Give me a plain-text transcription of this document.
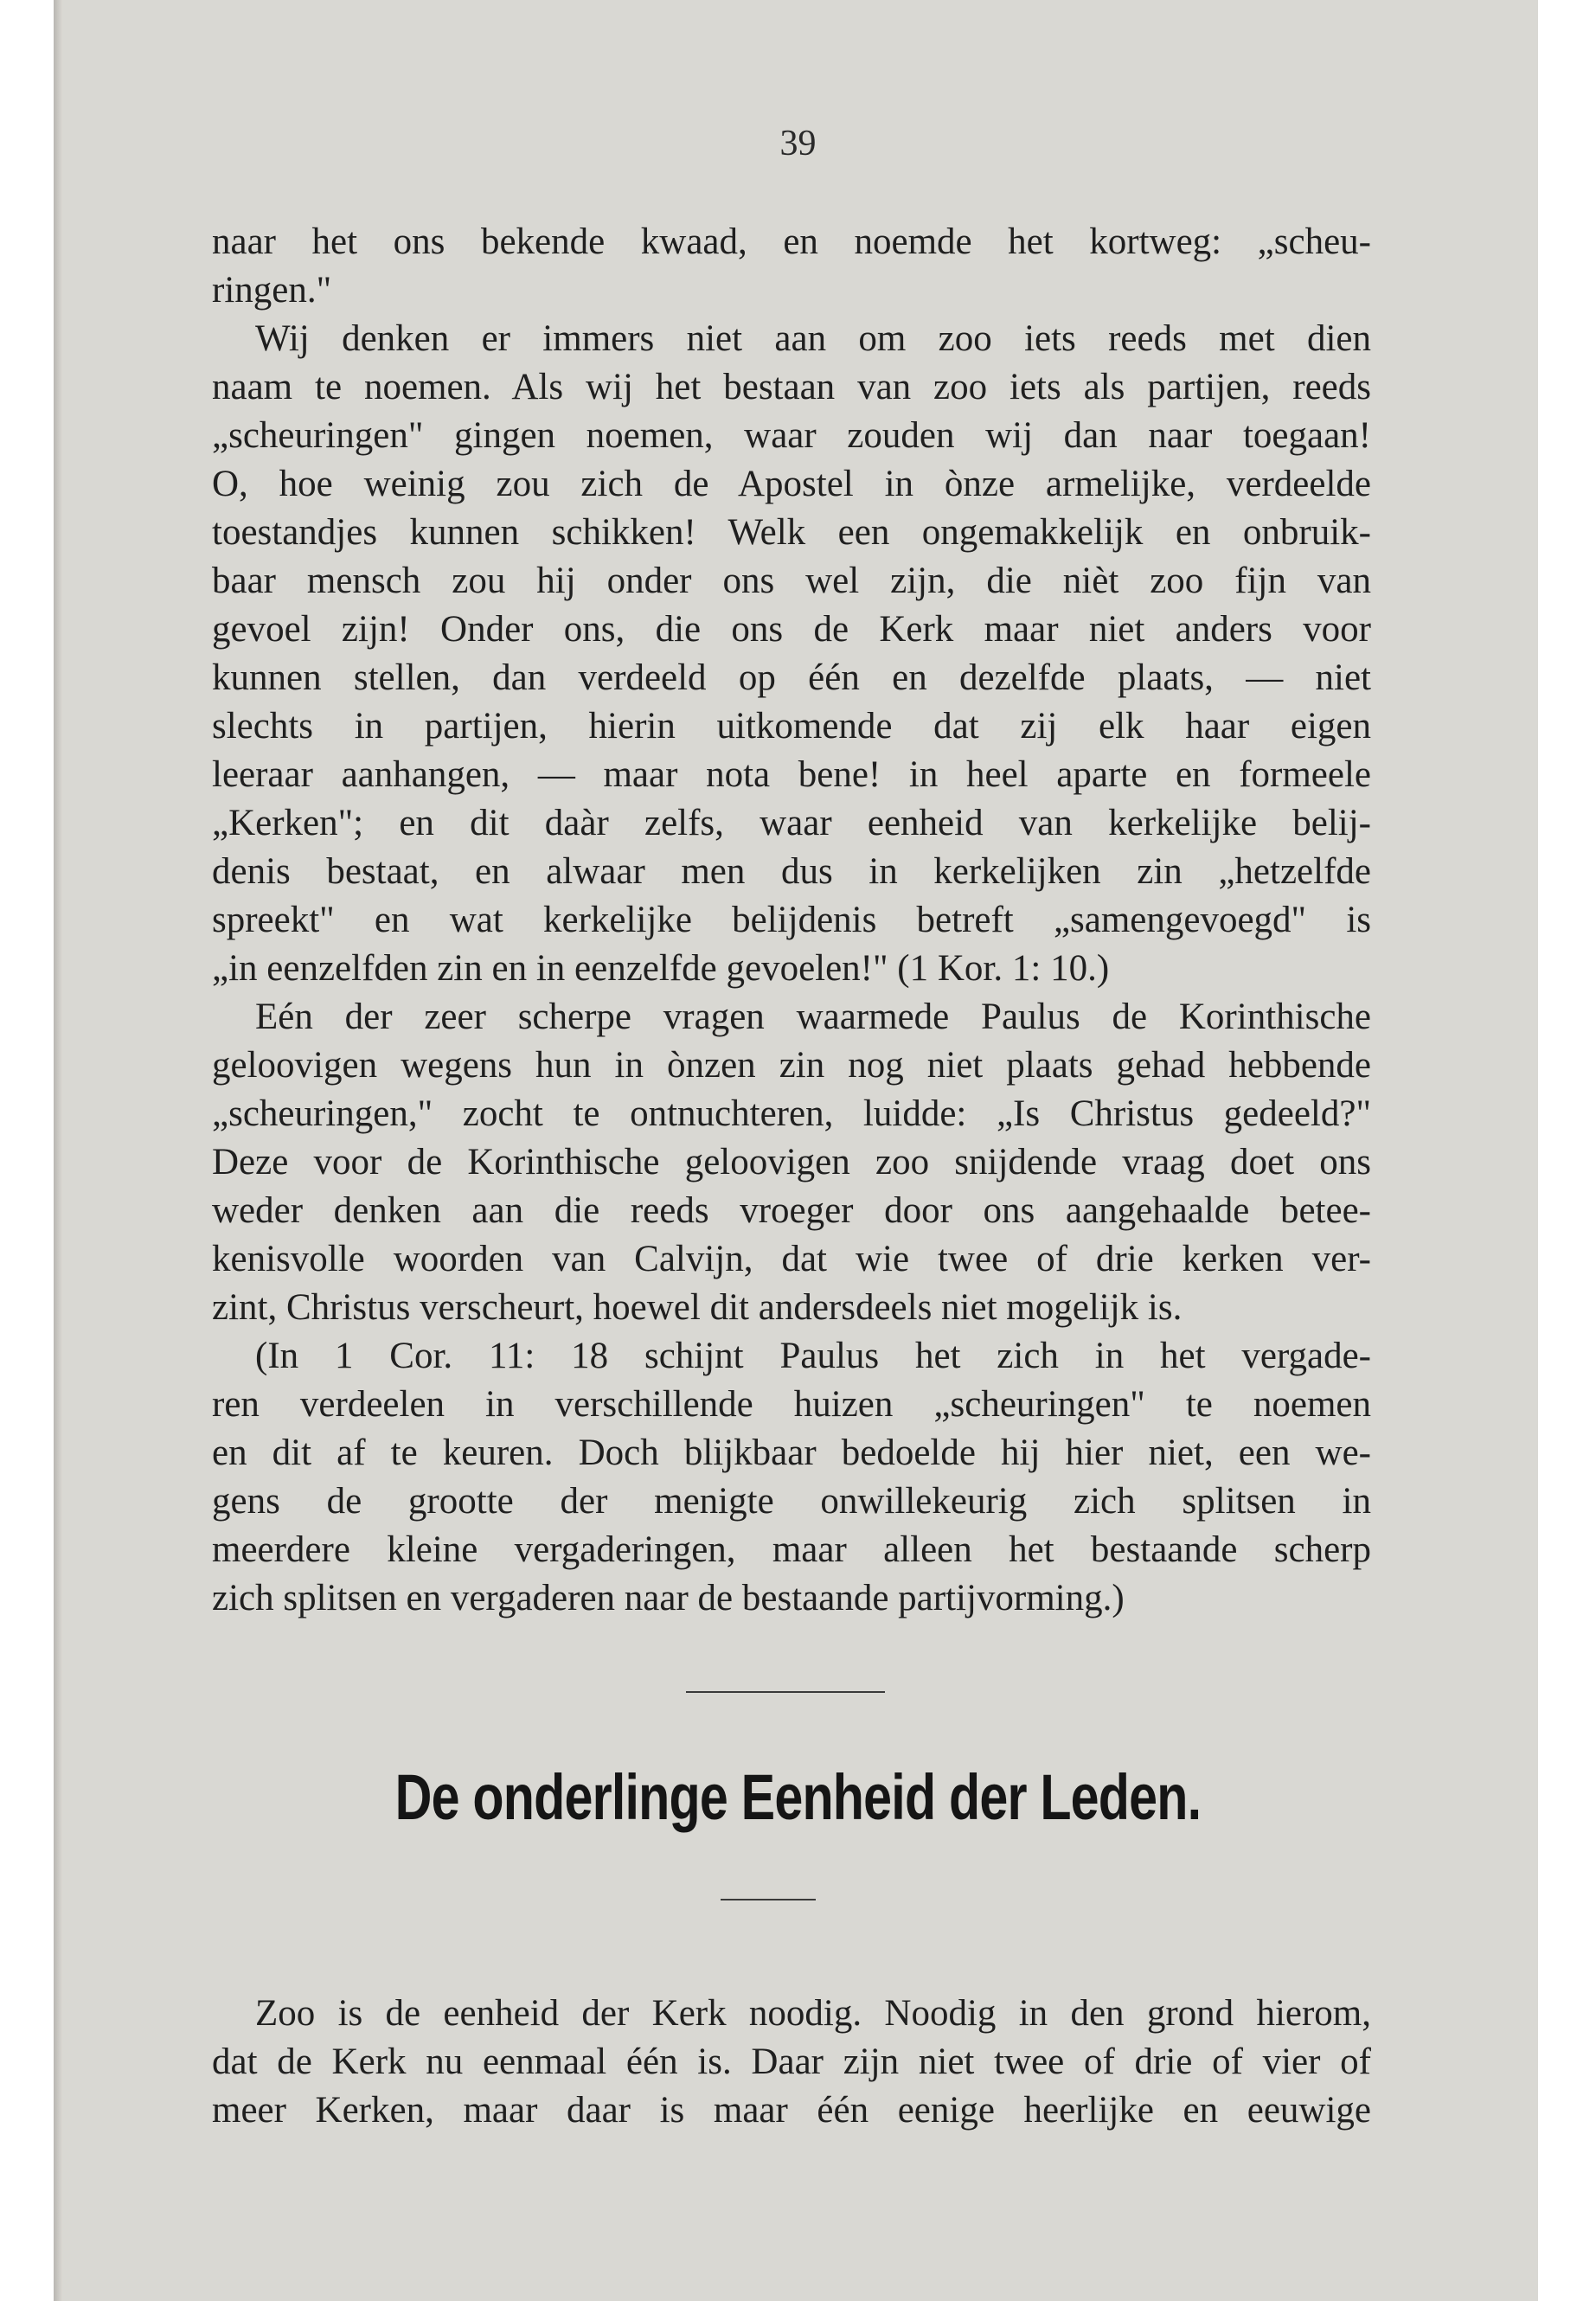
39
naar het ons bekende kwaad, en noemde het kortweg: „scheu-
ringen."
Wij denken er immers niet aan om zoo iets reeds met dien
naam te noemen. Als wij het bestaan van zoo iets als partijen, reeds
„scheuringen" gingen noemen, waar zouden wij dan naar toegaan!
O, hoe weinig zou zich de Apostel in ònze armelijke, verdeelde
toestandjes kunnen schikken! Welk een ongemakkelijk en onbruik-
baar mensch zou hij onder ons wel zijn, die nièt zoo fijn van
gevoel zijn! Onder ons, die ons de Kerk maar niet anders voor
kunnen stellen, dan verdeeld op één en dezelfde plaats, — niet
slechts in partijen, hierin uitkomende dat zij elk haar eigen
leeraar aanhangen, — maar nota bene! in heel aparte en formeele
„Kerken"; en dit daàr zelfs, waar eenheid van kerkelijke belij-
denis bestaat, en alwaar men dus in kerkelijken zin „hetzelfde
spreekt" en wat kerkelijke belijdenis betreft „samengevoegd" is
„in eenzelfden zin en in eenzelfde gevoelen!" (1 Kor. 1: 10.)
Eén der zeer scherpe vragen waarmede Paulus de Korinthische
geloovigen wegens hun in ònzen zin nog niet plaats gehad hebbende
„scheuringen," zocht te ontnuchteren, luidde: „Is Christus gedeeld?"
Deze voor de Korinthische geloovigen zoo snijdende vraag doet ons
weder denken aan die reeds vroeger door ons aangehaalde betee-
kenisvolle woorden van Calvijn, dat wie twee of drie kerken ver-
zint, Christus verscheurt, hoewel dit andersdeels niet mogelijk is.
(In 1 Cor. 11: 18 schijnt Paulus het zich in het vergade-
ren verdeelen in verschillende huizen „scheuringen" te noemen
en dit af te keuren. Doch blijkbaar bedoelde hij hier niet, een we-
gens de grootte der menigte onwillekeurig zich splitsen in
meerdere kleine vergaderingen, maar alleen het bestaande scherp
zich splitsen en vergaderen naar de bestaande partijvorming.)
De onderlinge Eenheid der Leden.
Zoo is de eenheid der Kerk noodig. Noodig in den grond hierom,
dat de Kerk nu eenmaal één is. Daar zijn niet twee of drie of vier of
meer Kerken, maar daar is maar één eenige heerlijke en eeuwige
